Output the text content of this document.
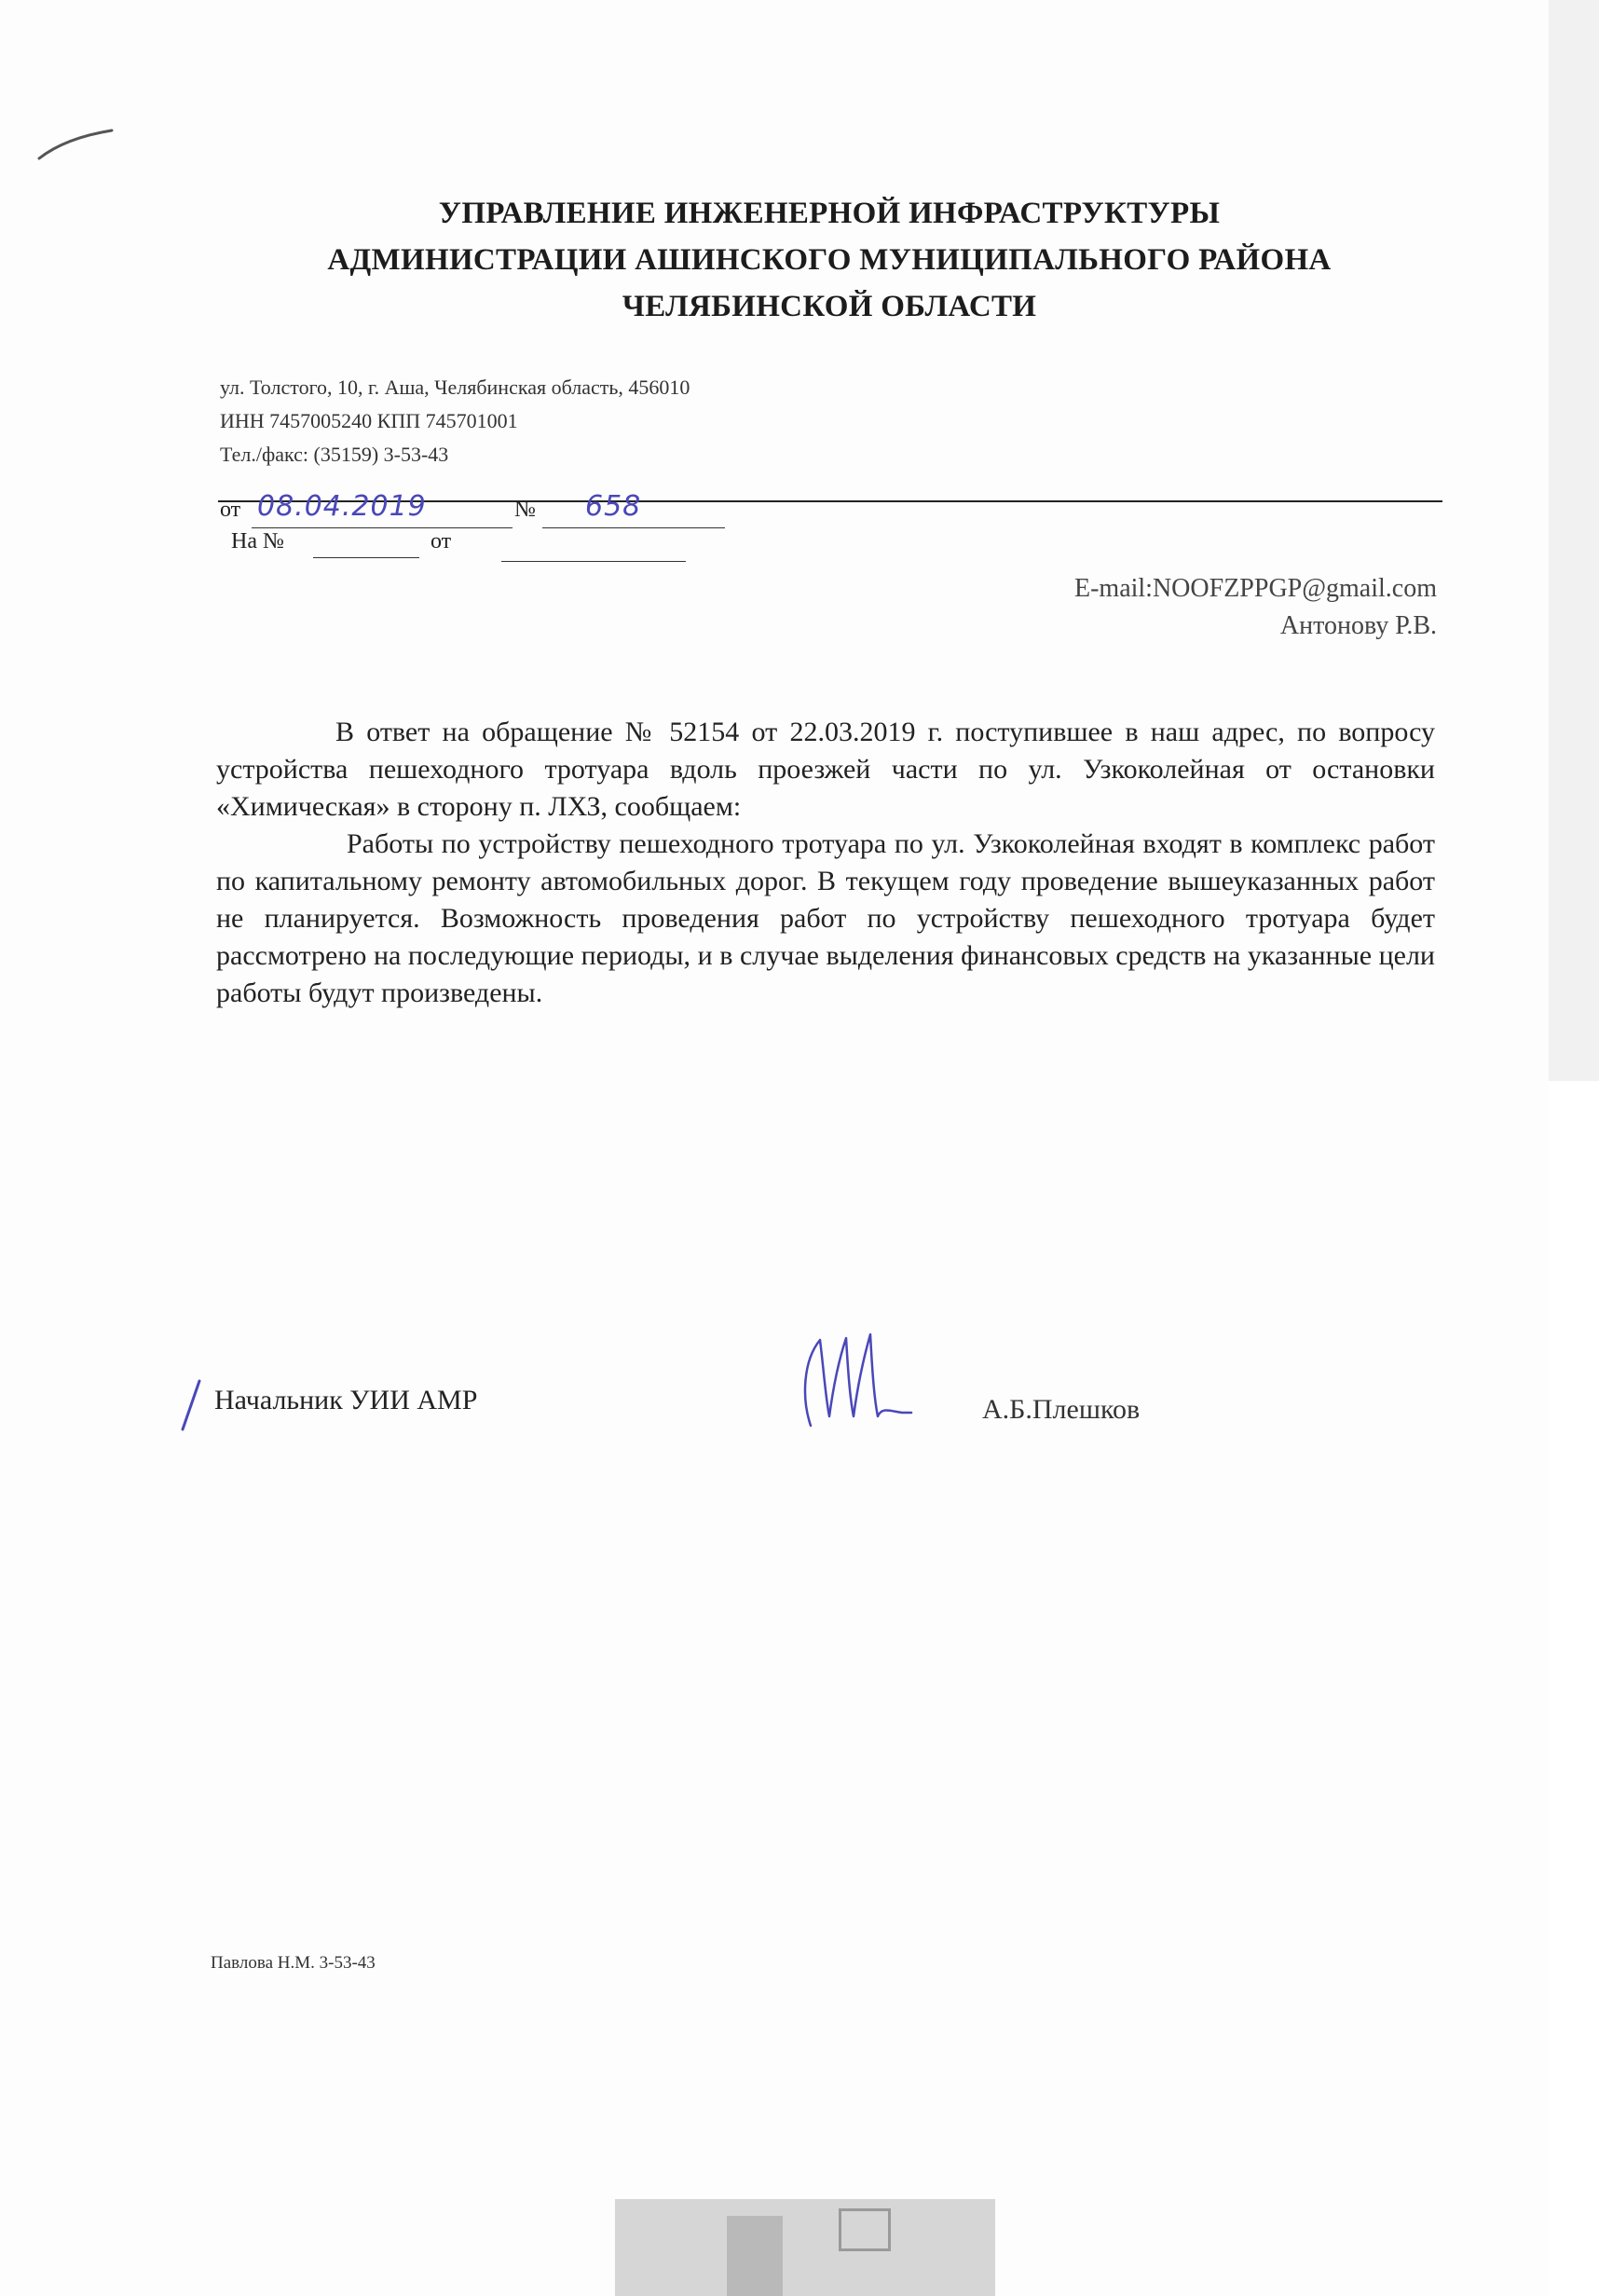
УПРАВЛЕНИЕ ИНЖЕНЕРНОЙ ИНФРАСТРУКТУРЫ
АДМИНИСТРАЦИИ АШИНСКОГО МУНИЦИПАЛЬНОГО РАЙОНА
ЧЕЛЯБИНСКОЙ ОБЛАСТИ
ул. Толстого, 10, г. Аша, Челябинская область, 456010
ИНН 7457005240 КПП 745701001
Тел./факс: (35159) 3-53-43
от 08.04.2019	№ 658
На №	от
E-mail:NOOFZPPGP@gmail.com
Антонову Р.В.

В ответ на обращение № 52154 от 22.03.2019 г. поступившее в наш адрес, по вопросу устройства пешеходного тротуара вдоль проезжей части по ул. Узкоколейная от остановки «Химическая» в сторону п. ЛХЗ, сообщаем:

Работы по устройству пешеходного тротуара по ул. Узкоколейная входят в комплекс работ по капитальному ремонту автомобильных дорог. В текущем году проведение вышеуказанных работ не планируется. Возможность проведения работ по устройству пешеходного тротуара будет рассмотрено на последующие периоды, и в случае выделения финансовых средств на указанные цели работы будут произведены.

Начальник УИИ АМР	А.Б.Плешков
Павлова Н.М. 3-53-43
